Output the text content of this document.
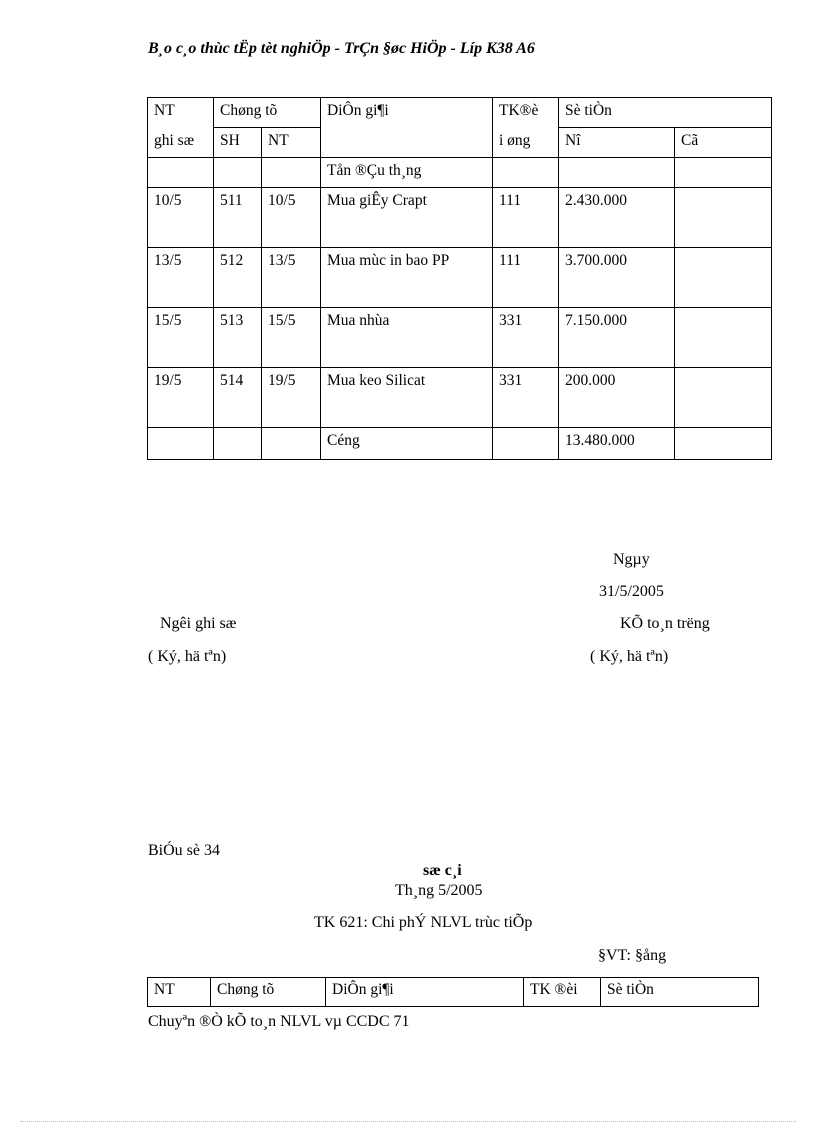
B¸o c¸o thùc tËp tèt nghiÖp - TrÇn §øc HiÖp - Líp K38 A6
NT	Chøng tõ		DiÔn gi¶i	TK®è	Sè tiÒn	
ghi sæ	SH	NT		i øng	Nî	Cã
			Tån ®Çu th¸ng			
10/5	511	10/5	Mua giÊy Crapt	111	2.430.000	
13/5	512	13/5	Mua mùc in bao PP	111	3.700.000	
15/5	513	15/5	Mua nhùa	331	7.150.000	
19/5	514	19/5	Mua keo Silicat	331	200.000	
			Céng		13.480.000	
Ngµy
31/5/2005
Ngêi ghi sæ	KÕ to¸n trëng
( Ký, hä tªn)	( Ký, hä tªn)
BiÓu sè 34
sæ c¸i
Th¸ng 5/2005
TK 621: Chi phÝ NLVL trùc tiÕp
§VT: §ång
NT	Chøng tõ	DiÔn gi¶i	TK ®èi	Sè tiÒn
Chuyªn ®Ò kÕ to¸n NLVL vµ CCDC 71
